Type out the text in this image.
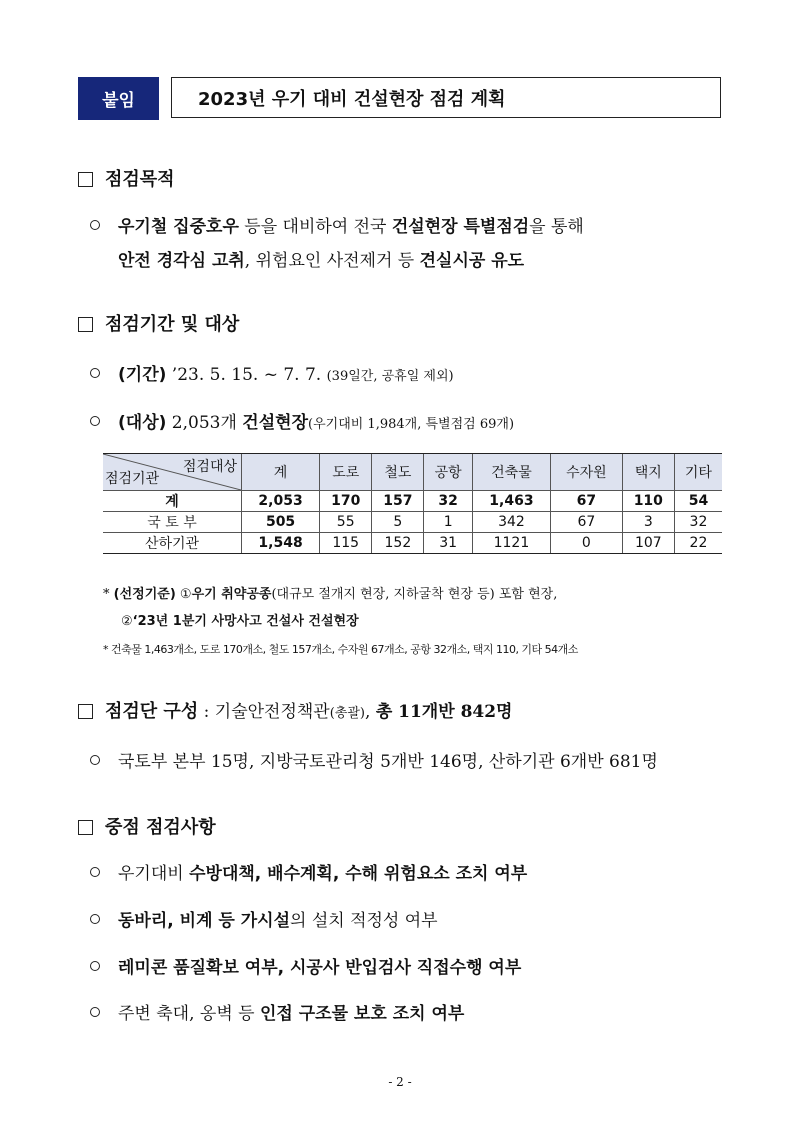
붙임	2023년 우기 대비 건설현장 점검 계획
점검목적
우기철 집중호우 등을 대비하여 전국 건설현장 특별점검을 통해
안전 경각심 고취, 위험요인 사전제거 등 견실시공 유도
점검기간 및 대상
(기간) ’23. 5. 15. ~ 7. 7. (39일간, 공휴일 제외)
(대상) 2,053개 건설현장(우기대비 1,984개, 특별점검 69개)
점검대상
점검기관	계	도로	철도	공항	건축물	수자원	택지	기타
계	2,053	170	157	32	1,463	67	110	54
국 토 부	505	55	5	1	342	67	3	32
산하기관	1,548	115	152	31	1121	0	107	22
* (선정기준) ①우기 취약공종(대규모 절개지 현장, 지하굴착 현장 등) 포함 현장,
②‘23년 1분기 사망사고 건설사 건설현장
* 건축물 1,463개소, 도로 170개소, 철도 157개소, 수자원 67개소, 공항 32개소, 택지 110, 기타 54개소
점검단 구성 : 기술안전정책관(총괄), 총 11개반 842명
국토부 본부 15명, 지방국토관리청 5개반 146명, 산하기관 6개반 681명
중점 점검사항
우기대비 수방대책, 배수계획, 수해 위험요소 조치 여부
동바리, 비계 등 가시설의 설치 적정성 여부
레미콘 품질확보 여부, 시공사 반입검사 직접수행 여부
주변 축대, 옹벽 등 인접 구조물 보호 조치 여부
- 2 -
